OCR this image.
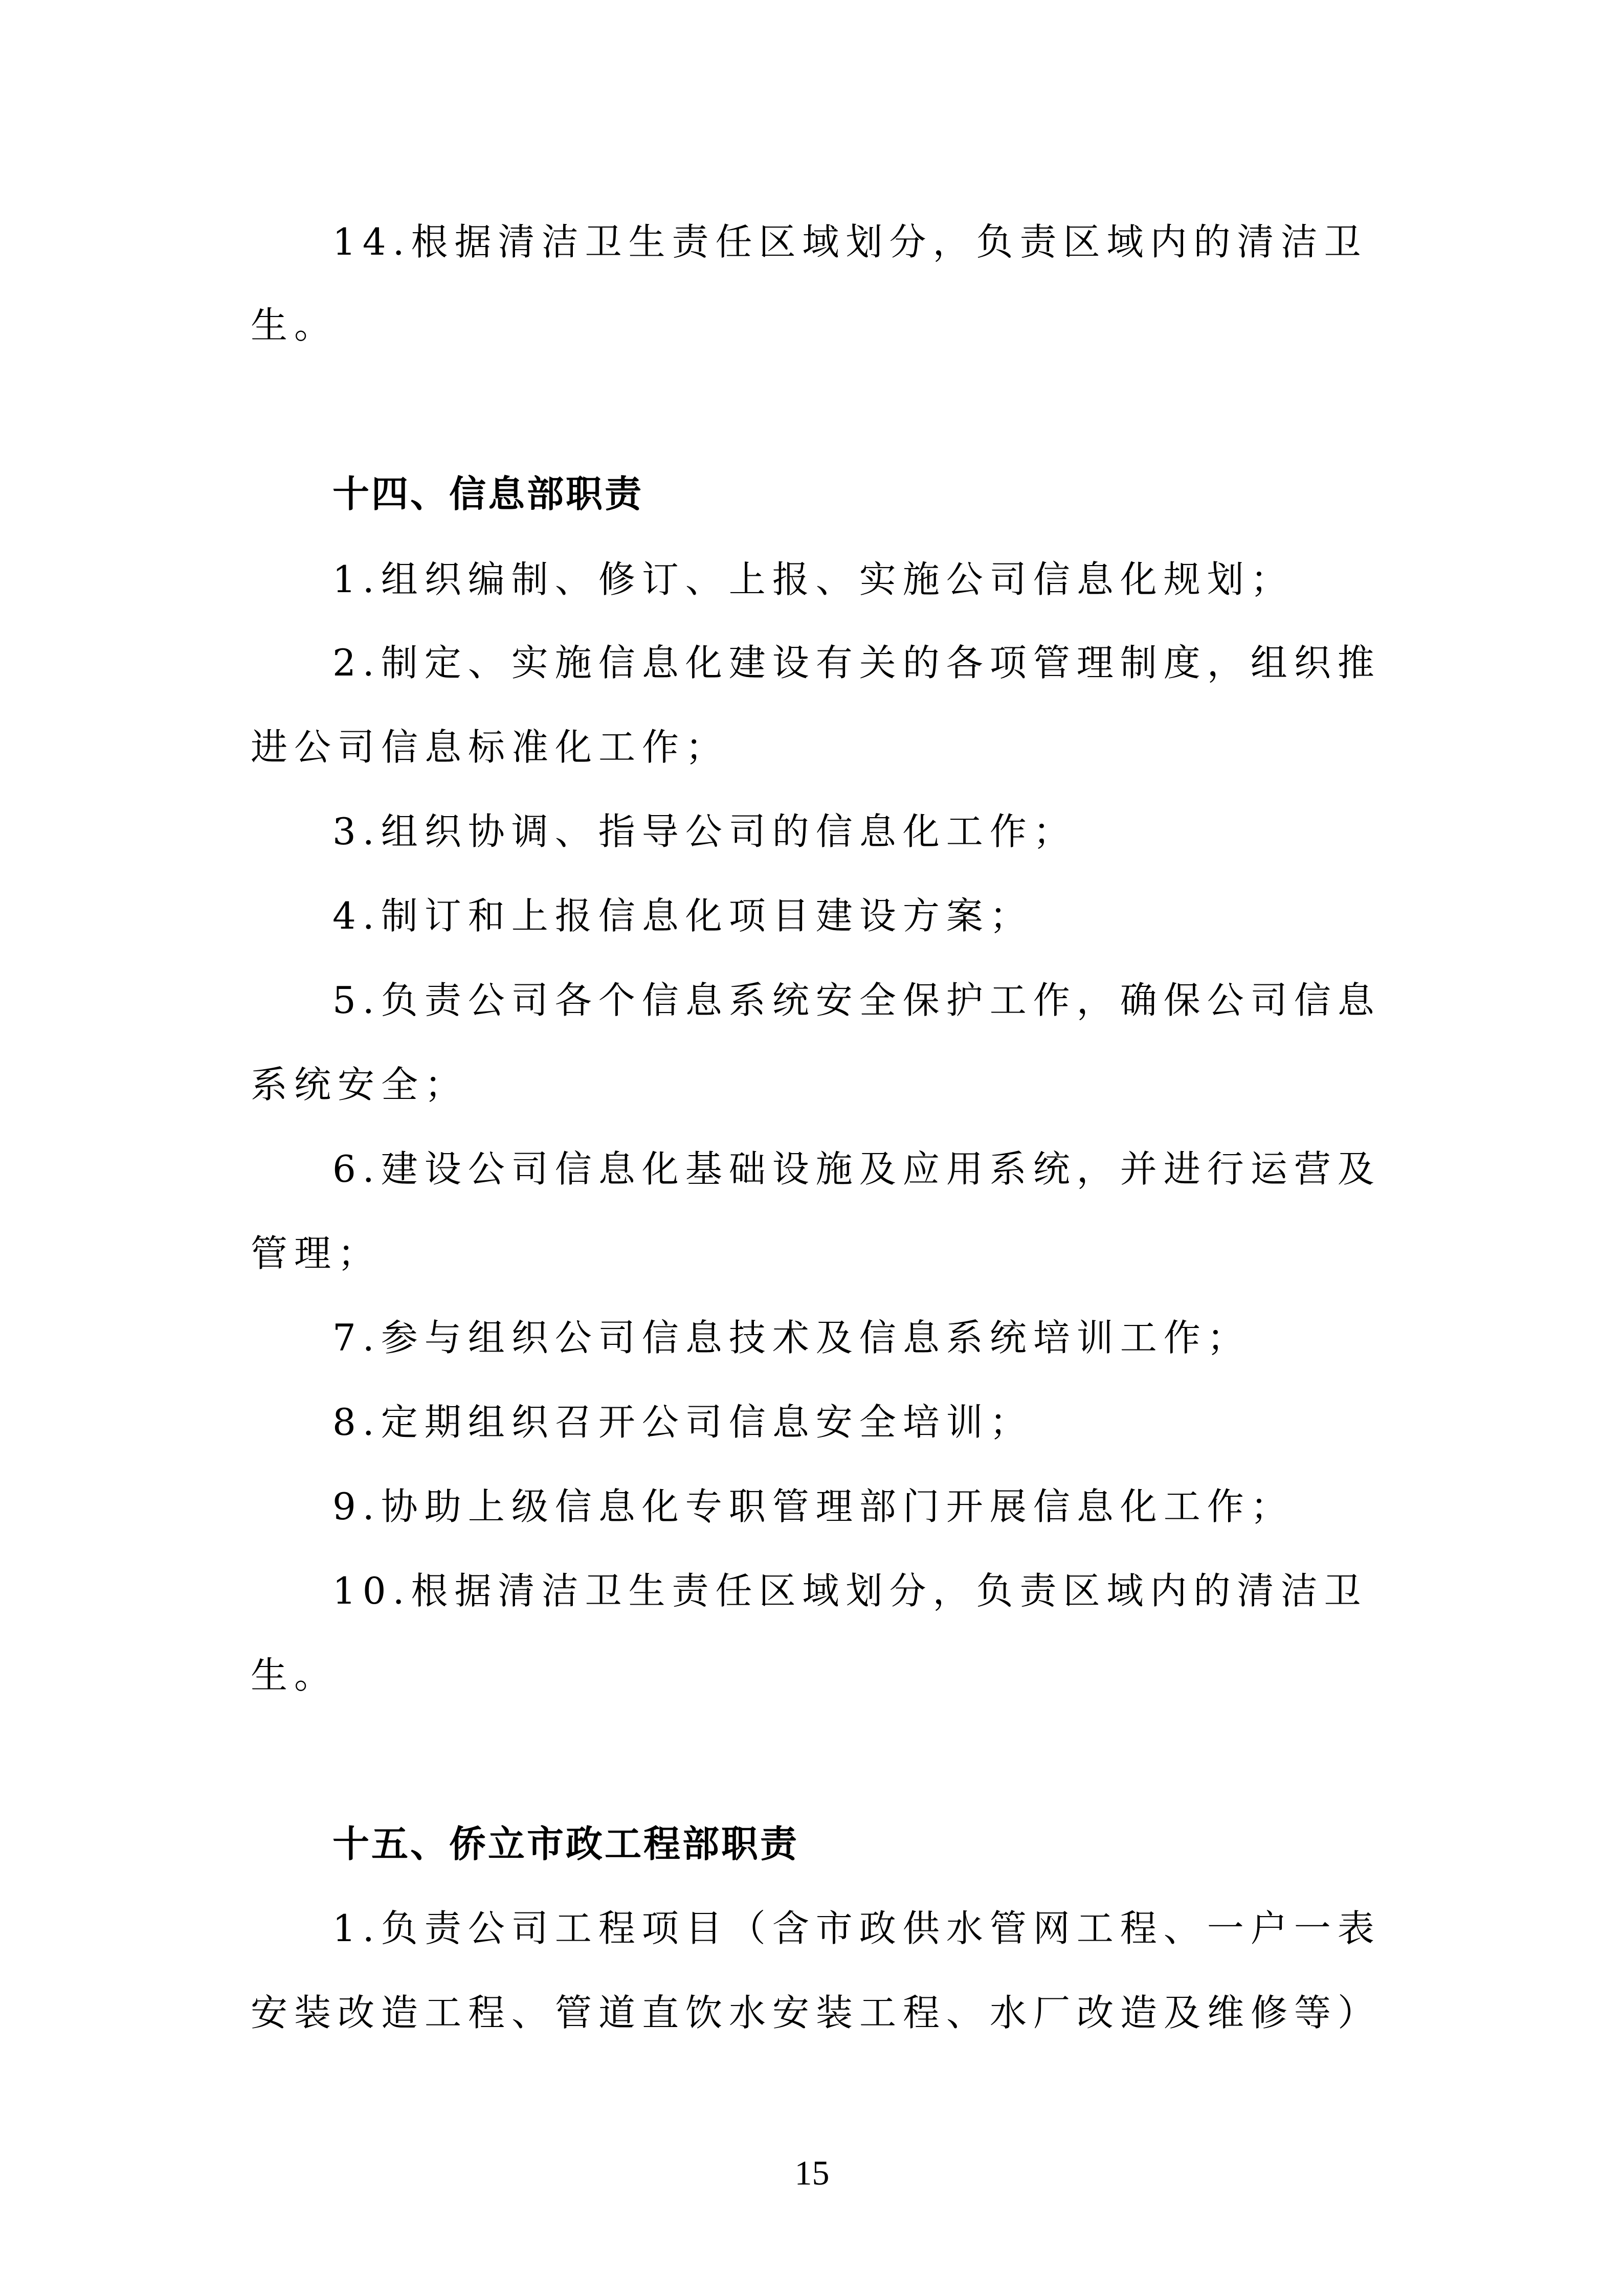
14.根据清洁卫生责任区域划分，负责区域内的清洁卫
生。
十四、信息部职责
1.组织编制、修订、上报、实施公司信息化规划；
2.制定、实施信息化建设有关的各项管理制度，组织推
进公司信息标准化工作；
3.组织协调、指导公司的信息化工作；
4.制订和上报信息化项目建设方案；
5.负责公司各个信息系统安全保护工作，确保公司信息
系统安全；
6.建设公司信息化基础设施及应用系统，并进行运营及
管理；
7.参与组织公司信息技术及信息系统培训工作；
8.定期组织召开公司信息安全培训；
9.协助上级信息化专职管理部门开展信息化工作；
10.根据清洁卫生责任区域划分，负责区域内的清洁卫
生。
十五、侨立市政工程部职责
1.负责公司工程项目（含市政供水管网工程、一户一表
安装改造工程、管道直饮水安装工程、水厂改造及维修等）
15
